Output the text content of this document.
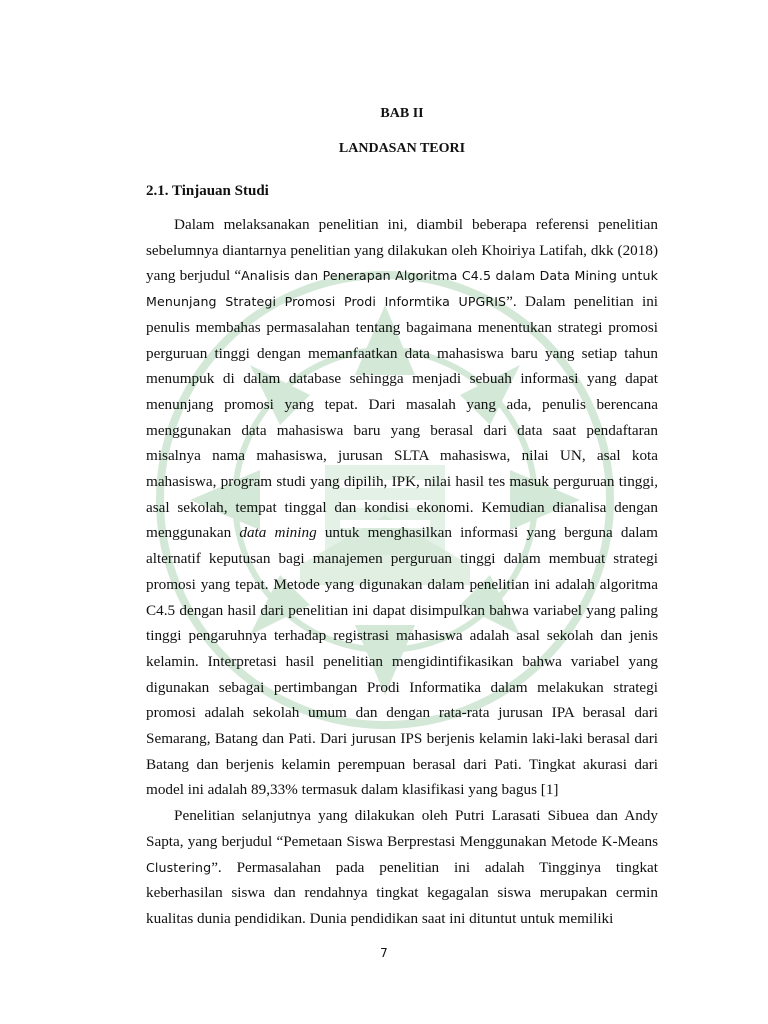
BAB II
LANDASAN TEORI
2.1. Tinjauan Studi

Dalam melaksanakan penelitian ini, diambil beberapa referensi penelitian sebelumnya diantarnya penelitian yang dilakukan oleh Khoiriya Latifah, dkk (2018) yang berjudul “Analisis dan Penerapan Algoritma C4.5 dalam Data Mining untuk Menunjang Strategi Promosi Prodi Informtika UPGRIS”. Dalam penelitian ini penulis membahas permasalahan tentang bagaimana menentukan strategi promosi perguruan tinggi dengan memanfaatkan data mahasiswa baru yang setiap tahun menumpuk di dalam database sehingga menjadi sebuah informasi yang dapat menunjang promosi yang tepat. Dari masalah yang ada, penulis berencana menggunakan data mahasiswa baru yang berasal dari data saat pendaftaran misalnya nama mahasiswa, jurusan SLTA mahasiswa, nilai UN, asal kota mahasiswa, program studi yang dipilih, IPK, nilai hasil tes masuk perguruan tinggi, asal sekolah, tempat tinggal dan kondisi ekonomi. Kemudian dianalisa dengan menggunakan data mining untuk menghasilkan informasi yang berguna dalam alternatif keputusan bagi manajemen perguruan tinggi dalam membuat strategi promosi yang tepat. Metode yang digunakan dalam penelitian ini adalah algoritma C4.5 dengan hasil dari penelitian ini dapat disimpulkan bahwa variabel yang paling tinggi pengaruhnya terhadap registrasi mahasiswa adalah asal sekolah dan jenis kelamin. Interpretasi hasil penelitian mengidintifikasikan bahwa variabel yang digunakan sebagai pertimbangan Prodi Informatika dalam melakukan strategi promosi adalah sekolah umum dan dengan rata-rata jurusan IPA berasal dari Semarang, Batang dan Pati. Dari jurusan IPS berjenis kelamin laki-laki berasal dari Batang dan berjenis kelamin perempuan berasal dari Pati. Tingkat akurasi dari model ini adalah 89,33% termasuk dalam klasifikasi yang bagus [1]

Penelitian selanjutnya yang dilakukan oleh Putri Larasati Sibuea dan Andy Sapta, yang berjudul “Pemetaan Siswa Berprestasi Menggunakan Metode K-Means Clustering”. Permasalahan pada penelitian ini adalah Tingginya tingkat keberhasilan siswa dan rendahnya tingkat kegagalan siswa merupakan cermin kualitas dunia pendidikan. Dunia pendidikan saat ini dituntut untuk memiliki

7
